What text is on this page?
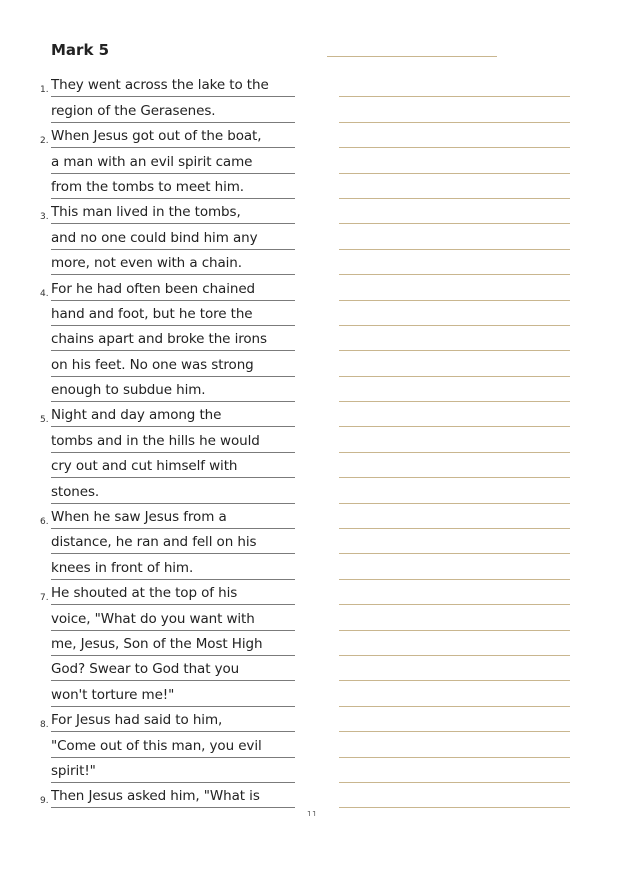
Mark 5
1. They went across the lake to the
region of the Gerasenes.
2. When Jesus got out of the boat,
a man with an evil spirit came
from the tombs to meet him.
3. This man lived in the tombs,
and no one could bind him any
more, not even with a chain.
4. For he had often been chained
hand and foot, but he tore the
chains apart and broke the irons
on his feet. No one was strong
enough to subdue him.
5. Night and day among the
tombs and in the hills he would
cry out and cut himself with
stones.
6. When he saw Jesus from a
distance, he ran and fell on his
knees in front of him.
7. He shouted at the top of his
voice, "What do you want with
me, Jesus, Son of the Most High
God? Swear to God that you
won't torture me!"
8. For Jesus had said to him,
"Come out of this man, you evil
spirit!"
9. Then Jesus asked him, "What is
11
